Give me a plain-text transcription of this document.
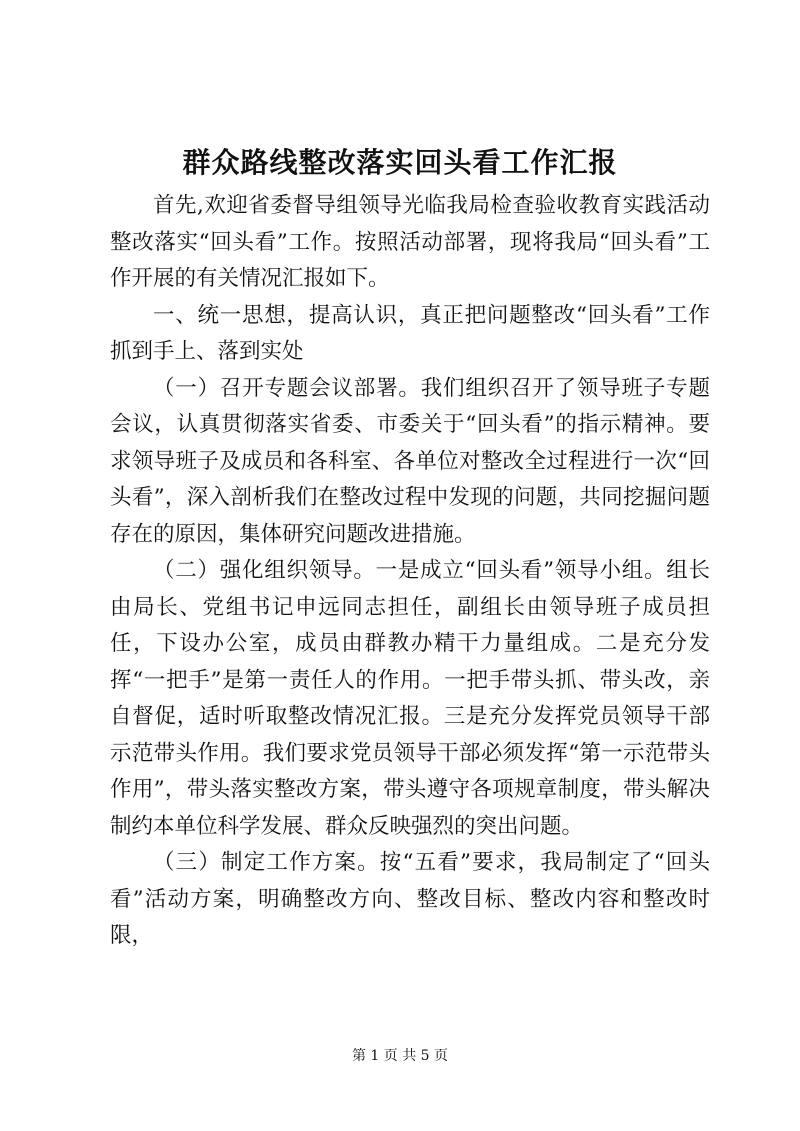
群众路线整改落实回头看工作汇报

首先,欢迎省委督导组领导光临我局检查验收教育实践活动整改落实“回头看”工作。按照活动部署，现将我局“回头看”工作开展的有关情况汇报如下。

一、统一思想，提高认识，真正把问题整改“回头看”工作抓到手上、落到实处

（一）召开专题会议部署。我们组织召开了领导班子专题会议，认真贯彻落实省委、市委关于“回头看”的指示精神。要求领导班子及成员和各科室、各单位对整改全过程进行一次“回头看”，深入剖析我们在整改过程中发现的问题，共同挖掘问题存在的原因，集体研究问题改进措施。

（二）强化组织领导。一是成立“回头看”领导小组。组长由局长、党组书记申远同志担任，副组长由领导班子成员担任，下设办公室，成员由群教办精干力量组成。二是充分发挥“一把手”是第一责任人的作用。一把手带头抓、带头改，亲自督促，适时听取整改情况汇报。三是充分发挥党员领导干部示范带头作用。我们要求党员领导干部必须发挥“第一示范带头作用”，带头落实整改方案，带头遵守各项规章制度，带头解决制约本单位科学发展、群众反映强烈的突出问题。

（三）制定工作方案。按“五看”要求，我局制定了“回头看”活动方案，明确整改方向、整改目标、整改内容和整改时限，

第 1 页 共 5 页
